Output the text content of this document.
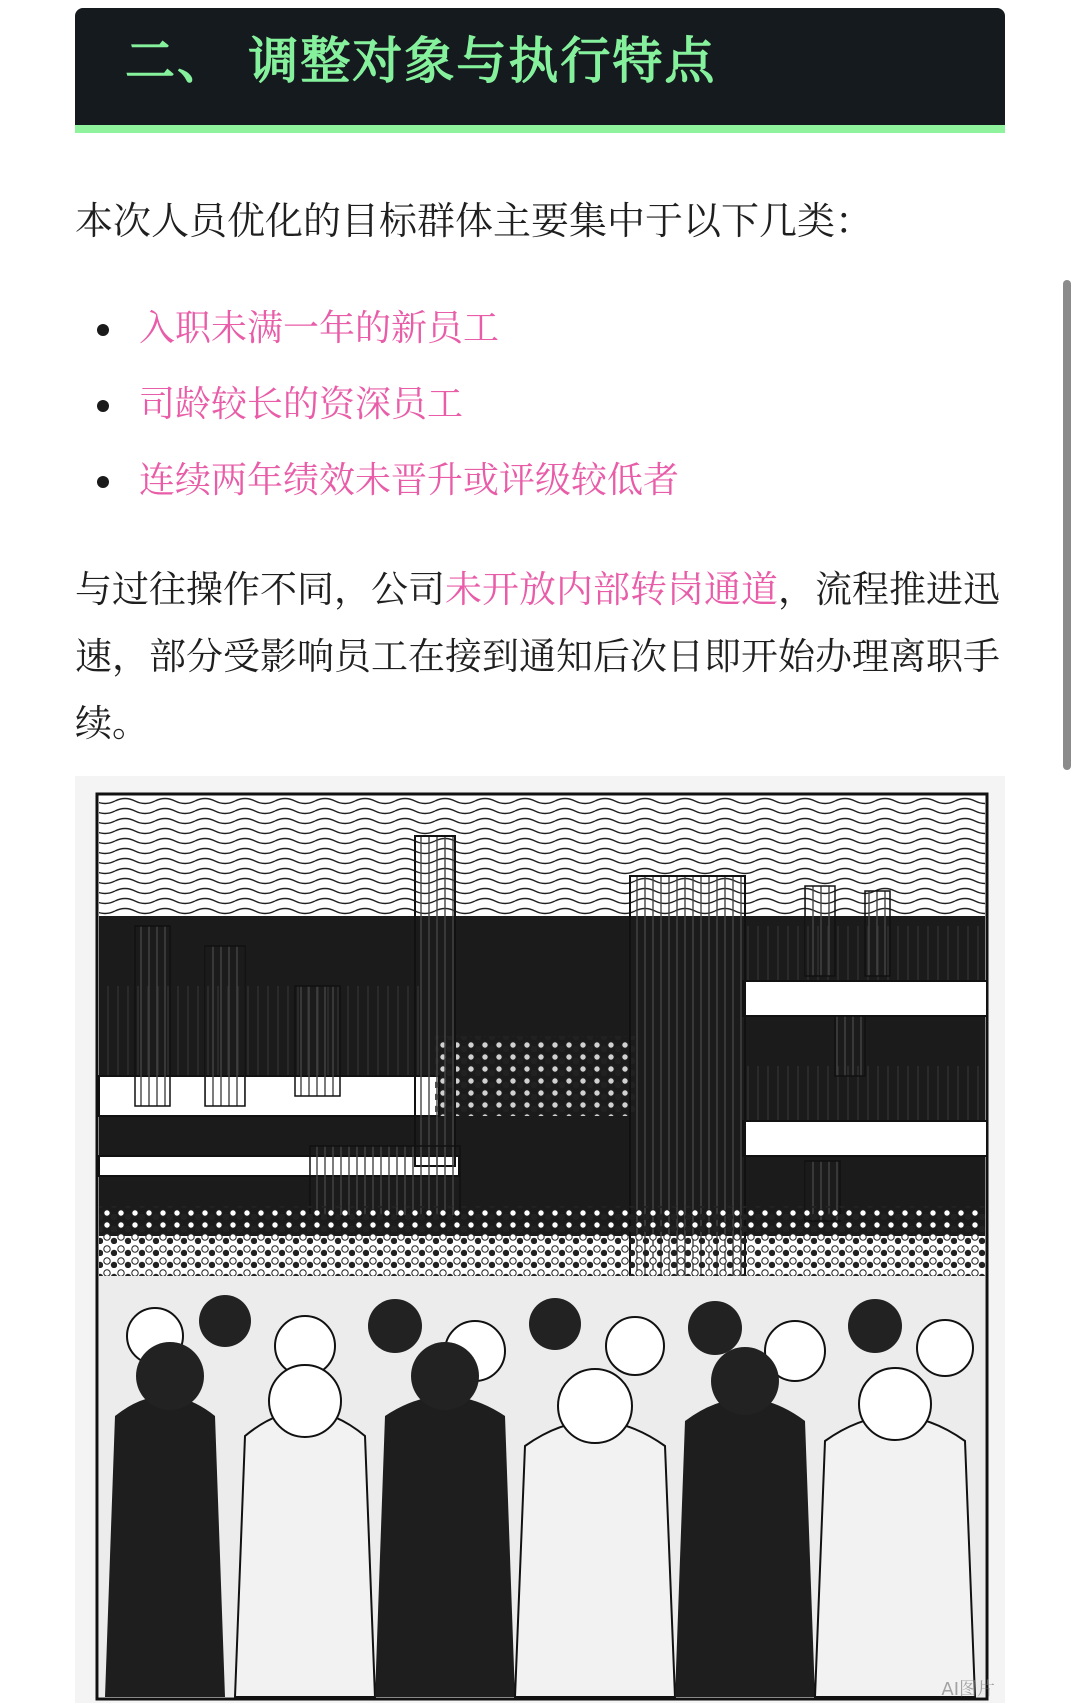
二、 调整对象与执行特点
本次人员优化的目标群体主要集中于以下几类：
入职未满一年的新员工
司龄较长的资深员工
连续两年绩效未晋升或评级较低者
与过往操作不同，公司未开放内部转岗通道，流程推进迅速，部分受影响员工在接到通知后次日即开始办理离职手续。
AI图片
